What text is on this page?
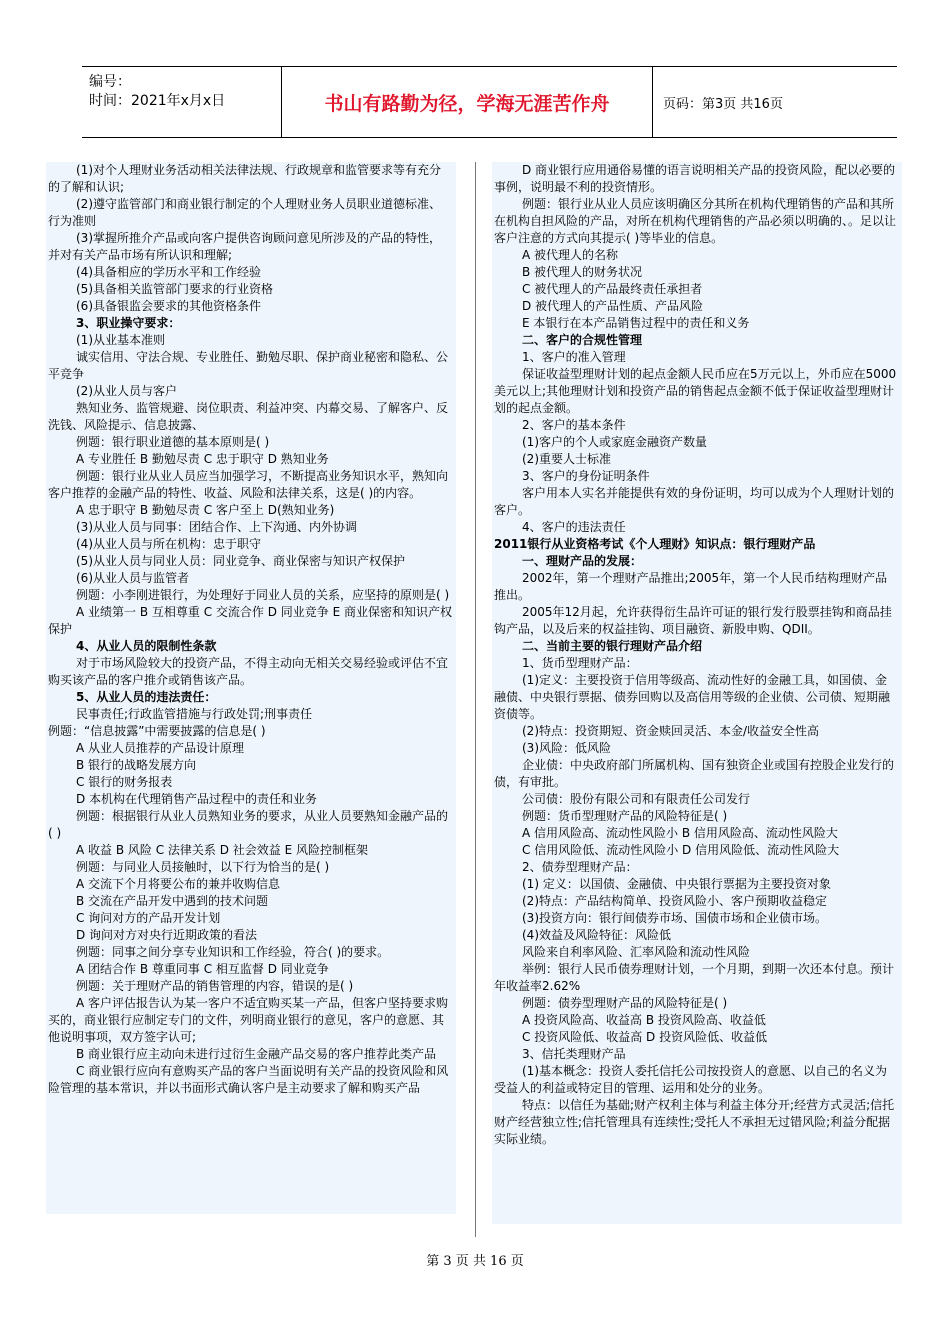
编号：
时间：2021年x月x日	书山有路勤为径，学海无涯苦作舟	页码：第3页 共16页

(1)对个人理财业务活动相关法律法规、行政规章和监管要求等有充分的了解和认识;

(2)遵守监管部门和商业银行制定的个人理财业务人员职业道德标准、行为准则

(3)掌握所推介产品或向客户提供咨询顾问意见所涉及的产品的特性，并对有关产品市场有所认识和理解;

(4)具备相应的学历水平和工作经验

(5)具备相关监管部门要求的行业资格

(6)具备银监会要求的其他资格条件

3、职业操守要求：

(1)从业基本准则

诚实信用、守法合规、专业胜任、勤勉尽职、保护商业秘密和隐私、公平竞争

(2)从业人员与客户

熟知业务、监管规避、岗位职责、利益冲突、内幕交易、了解客户、反洗钱、风险提示、信息披露、

例题：银行职业道德的基本原则是( )

A 专业胜任 B 勤勉尽责 C 忠于职守 D 熟知业务

例题：银行业从业人员应当加强学习，不断提高业务知识水平，熟知向客户推荐的金融产品的特性、收益、风险和法律关系，这是( )的内容。

A 忠于职守 B 勤勉尽责 C 客户至上 D(熟知业务)

(3)从业人员与同事：团结合作、上下沟通、内外协调

(4)从业人员与所在机构：忠于职守

(5)从业人员与同业人员：同业竞争、商业保密与知识产权保护

(6)从业人员与监管者

例题：小李刚进银行，为处理好于同业人员的关系，应坚持的原则是( )

A 业绩第一 B 互相尊重 C 交流合作 D 同业竞争 E 商业保密和知识产权保护

4、从业人员的限制性条款

对于市场风险较大的投资产品，不得主动向无相关交易经验或评估不宜购买该产品的客户推介或销售该产品。

5、从业人员的违法责任：

民事责任;行政监管措施与行政处罚;刑事责任

例题：“信息披露”中需要披露的信息是( )

A 从业人员推荐的产品设计原理

B 银行的战略发展方向

C 银行的财务报表

D 本机构在代理销售产品过程中的责任和业务

例题：根据银行从业人员熟知业务的要求，从业人员要熟知金融产品的( )

A 收益 B 风险 C 法律关系 D 社会效益 E 风险控制框架

例题：与同业人员接触时，以下行为恰当的是( )

A 交流下个月将要公布的兼并收购信息

B 交流在产品开发中遇到的技术问题

C 询问对方的产品开发计划

D 询问对方对央行近期政策的看法

例题：同事之间分享专业知识和工作经验，符合( )的要求。

A 团结合作 B 尊重同事 C 相互监督 D 同业竞争

例题：关于理财产品的销售管理的内容，错误的是( )

A 客户评估报告认为某一客户不适宜购买某一产品，但客户坚持要求购买的，商业银行应制定专门的文件，列明商业银行的意见，客户的意愿、其他说明事项，双方签字认可;

B 商业银行应主动向未进行过衍生金融产品交易的客户推荐此类产品

C 商业银行应向有意购买产品的客户当面说明有关产品的投资风险和风险管理的基本常识，并以书面形式确认客户是主动要求了解和购买产品

D 商业银行应用通俗易懂的语言说明相关产品的投资风险，配以必要的事例，说明最不利的投资情形。

例题：银行业从业人员应该明确区分其所在机构代理销售的产品和其所在机构自担风险的产品，对所在机构代理销售的产品必须以明确的、。足以让客户注意的方式向其提示( )等毕业的信息。

A 被代理人的名称

B 被代理人的财务状况

C 被代理人的产品最终责任承担者

D 被代理人的产品性质、产品风险

E 本银行在本产品销售过程中的责任和义务

二、客户的合规性管理

1、客户的准入管理

保证收益型理财计划的起点金额人民币应在5万元以上，外币应在5000美元以上;其他理财计划和投资产品的销售起点金额不低于保证收益型理财计划的起点金额。

2、客户的基本条件

(1)客户的个人或家庭金融资产数量

(2)重要人士标准

3、客户的身份证明条件

客户用本人实名并能提供有效的身份证明，均可以成为个人理财计划的客户。

4、客户的违法责任

2011银行从业资格考试《个人理财》知识点：银行理财产品

一、理财产品的发展：

2002年，第一个理财产品推出;2005年，第一个人民币结构理财产品推出。

2005年12月起，允许获得衍生品许可证的银行发行股票挂钩和商品挂钩产品，以及后来的权益挂钩、项目融资、新股申购、QDII。

二、当前主要的银行理财产品介绍

1、货币型理财产品：

(1)定义：主要投资于信用等级高、流动性好的金融工具，如国债、金融债、中央银行票据、债券回购以及高信用等级的企业债、公司债、短期融资债等。

(2)特点：投资期短、资金赎回灵活、本金/收益安全性高

(3)风险：低风险

企业债：中央政府部门所属机构、国有独资企业或国有控股企业发行的债，有审批。

公司债：股份有限公司和有限责任公司发行

例题：货币型理财产品的风险特征是( )

A 信用风险高、流动性风险小 B 信用风险高、流动性风险大

C 信用风险低、流动性风险小 D 信用风险低、流动性风险大

2、债券型理财产品：

(1) 定义：以国债、金融债、中央银行票据为主要投资对象

(2)特点：产品结构简单、投资风险小、客户预期收益稳定

(3)投资方向：银行间债券市场、国债市场和企业债市场。

(4)效益及风险特征：风险低

风险来自利率风险、汇率风险和流动性风险

举例：银行人民币债券理财计划，一个月期，到期一次还本付息。预计年收益率2.62%

例题：债券型理财产品的风险特征是( )

A 投资风险高、收益高 B 投资风险高、收益低

C 投资风险低、收益高 D 投资风险低、收益低

3、信托类理财产品

(1)基本概念：投资人委托信托公司按投资人的意愿、以自己的名义为受益人的利益或特定目的管理、运用和处分的业务。

特点：以信任为基础;财产权利主体与利益主体分开;经营方式灵活;信托财产经营独立性;信托管理具有连续性;受托人不承担无过错风险;利益分配据实际业绩。

第 3 页 共 16 页
